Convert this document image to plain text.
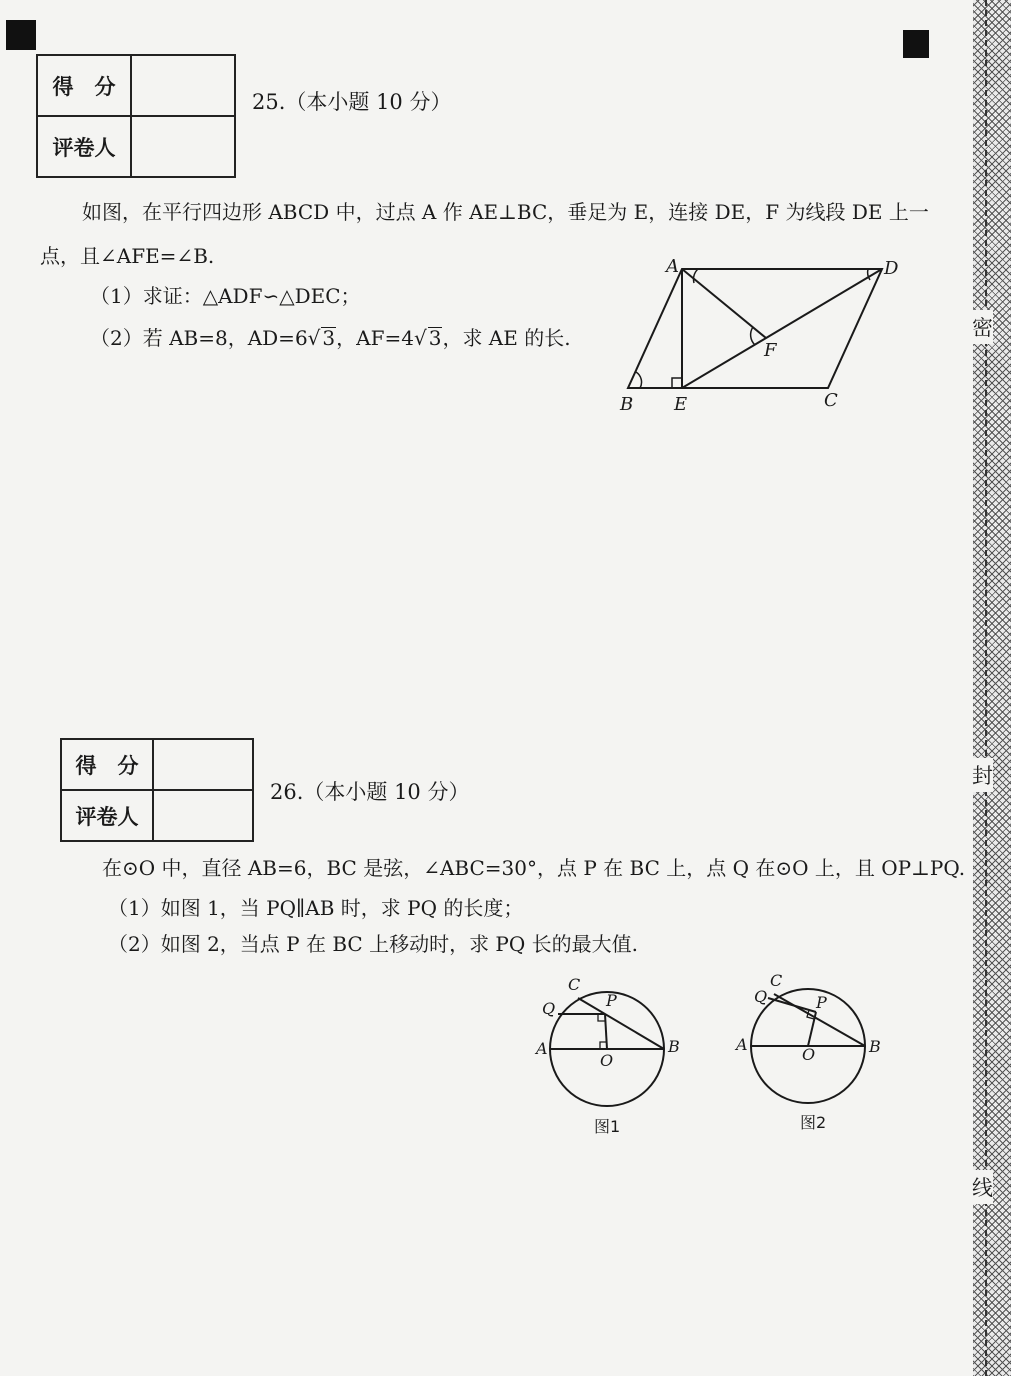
密
封
线
得　分	
评卷人	
25.（本小题 10 分）
如图，在平行四边形 ABCD 中，过点 A 作 AE⊥BC，垂足为 E，连接 DE，F 为线段 DE 上一
点，且∠AFE=∠B.
（1）求证：△ADF∽△DEC；
（2）若 AB=8，AD=6√ 3，AF=4√ 3，求 AE 的长.
A	D
B E	C
F
得　分	
评卷人	
26.（本小题 10 分）
在⊙O 中，直径 AB=6，BC 是弦，∠ABC=30°，点 P 在 BC 上，点 Q 在⊙O 上，且 OP⊥PQ.
（1）如图 1，当 PQ∥AB 时，求 PQ 的长度；
（2）如图 2，当点 P 在 BC 上移动时，求 PQ 长的最大值.
C
P
Q
A	B
O
图1
C
P
Q
A	B
O
图2
